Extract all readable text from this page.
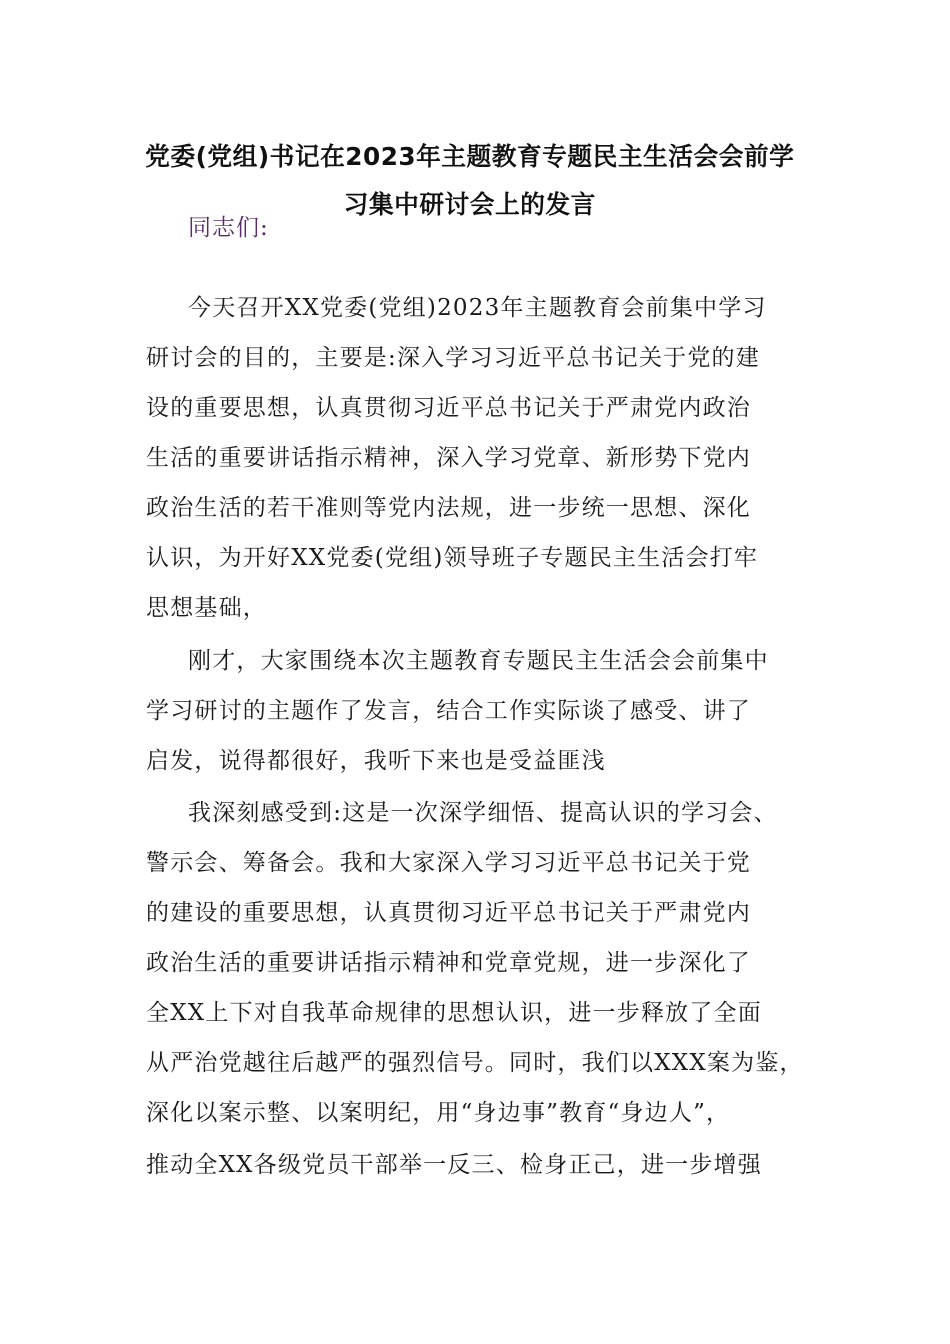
党委(党组)书记在2023年主题教育专题民主生活会会前学
习集中研讨会上的发言
同志们:
今天召开XX党委(党组)2023年主题教育会前集中学习
研讨会的目的，主要是:深入学习习近平总书记关于党的建
设的重要思想，认真贯彻习近平总书记关于严肃党内政治
生活的重要讲话指示精神，深入学习党章、新形势下党内
政治生活的若干准则等党内法规，进一步统一思想、深化
认识，为开好XX党委(党组)领导班子专题民主生活会打牢
思想基础，
刚才，大家围绕本次主题教育专题民主生活会会前集中
学习研讨的主题作了发言，结合工作实际谈了感受、讲了
启发，说得都很好，我听下来也是受益匪浅
我深刻感受到:这是一次深学细悟、提高认识的学习会、
警示会、筹备会。我和大家深入学习习近平总书记关于党
的建设的重要思想，认真贯彻习近平总书记关于严肃党内
政治生活的重要讲话指示精神和党章党规，进一步深化了
全XX上下对自我革命规律的思想认识，进一步释放了全面
从严治党越往后越严的强烈信号。同时，我们以XXX案为鉴，
深化以案示整、以案明纪，用“身边事”教育“身边人”，
推动全XX各级党员干部举一反三、检身正己，进一步增强
